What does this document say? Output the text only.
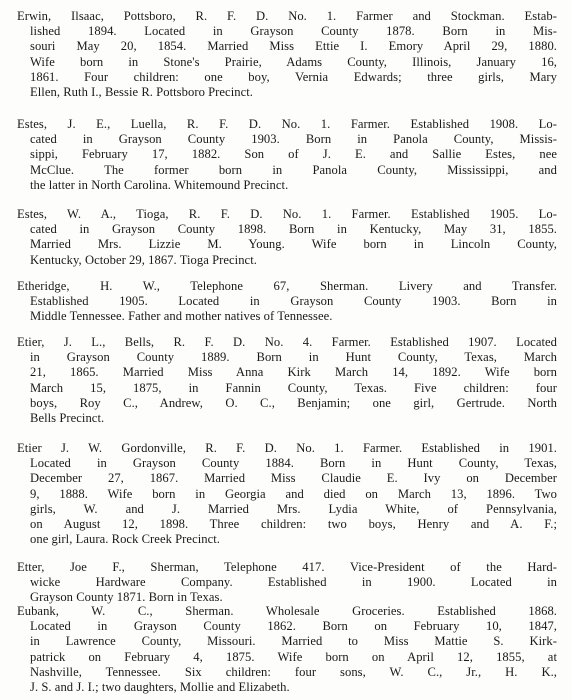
Erwin, Ilsaac, Pottsboro, R. F. D. No. 1. Farmer and Stockman. Estab-
lished 1894. Located in Grayson County 1878. Born in Mis-
souri May 20, 1854. Married Miss Ettie I. Emory April 29, 1880.
Wife born in Stone's Prairie, Adams County, Illinois, January 16,
1861. Four children: one boy, Vernia Edwards; three girls, Mary
Ellen, Ruth I., Bessie R. Pottsboro Precinct.
Estes, J. E., Luella, R. F. D. No. 1. Farmer. Established 1908. Lo-
cated in Grayson County 1903. Born in Panola County, Missis-
sippi, February 17, 1882. Son of J. E. and Sallie Estes, nee
McClue. The former born in Panola County, Mississippi, and
the latter in North Carolina. Whitemound Precinct.
Estes, W. A., Tioga, R. F. D. No. 1. Farmer. Established 1905. Lo-
cated in Grayson County 1898. Born in Kentucky, May 31, 1855.
Married Mrs. Lizzie M. Young. Wife born in Lincoln County,
Kentucky, October 29, 1867. Tioga Precinct.
Etheridge, H. W., Telephone 67, Sherman. Livery and Transfer.
Established 1905. Located in Grayson County 1903. Born in
Middle Tennessee. Father and mother natives of Tennessee.
Etier, J. L., Bells, R. F. D. No. 4. Farmer. Established 1907. Located
in Grayson County 1889. Born in Hunt County, Texas, March
21, 1865. Married Miss Anna Kirk March 14, 1892. Wife born
March 15, 1875, in Fannin County, Texas. Five children: four
boys, Roy C., Andrew, O. C., Benjamin; one girl, Gertrude. North
Bells Precinct.
Etier J. W. Gordonville, R. F. D. No. 1. Farmer. Established in 1901.
Located in Grayson County 1884. Born in Hunt County, Texas,
December 27, 1867. Married Miss Claudie E. Ivy on December
9, 1888. Wife born in Georgia and died on March 13, 1896. Two
girls, W. and J. Married Mrs. Lydia White, of Pennsylvania,
on August 12, 1898. Three children: two boys, Henry and A. F.;
one girl, Laura. Rock Creek Precinct.
Etter, Joe F., Sherman, Telephone 417. Vice-President of the Hard-
wicke Hardware Company. Established in 1900. Located in
Grayson County 1871. Born in Texas.
Eubank, W. C., Sherman. Wholesale Groceries. Established 1868.
Located in Grayson County 1862. Born on February 10, 1847,
in Lawrence County, Missouri. Married to Miss Mattie S. Kirk-
patrick on February 4, 1875. Wife born on April 12, 1855, at
Nashville, Tennessee. Six children: four sons, W. C., Jr., H. K.,
J. S. and J. I.; two daughters, Mollie and Elizabeth.
